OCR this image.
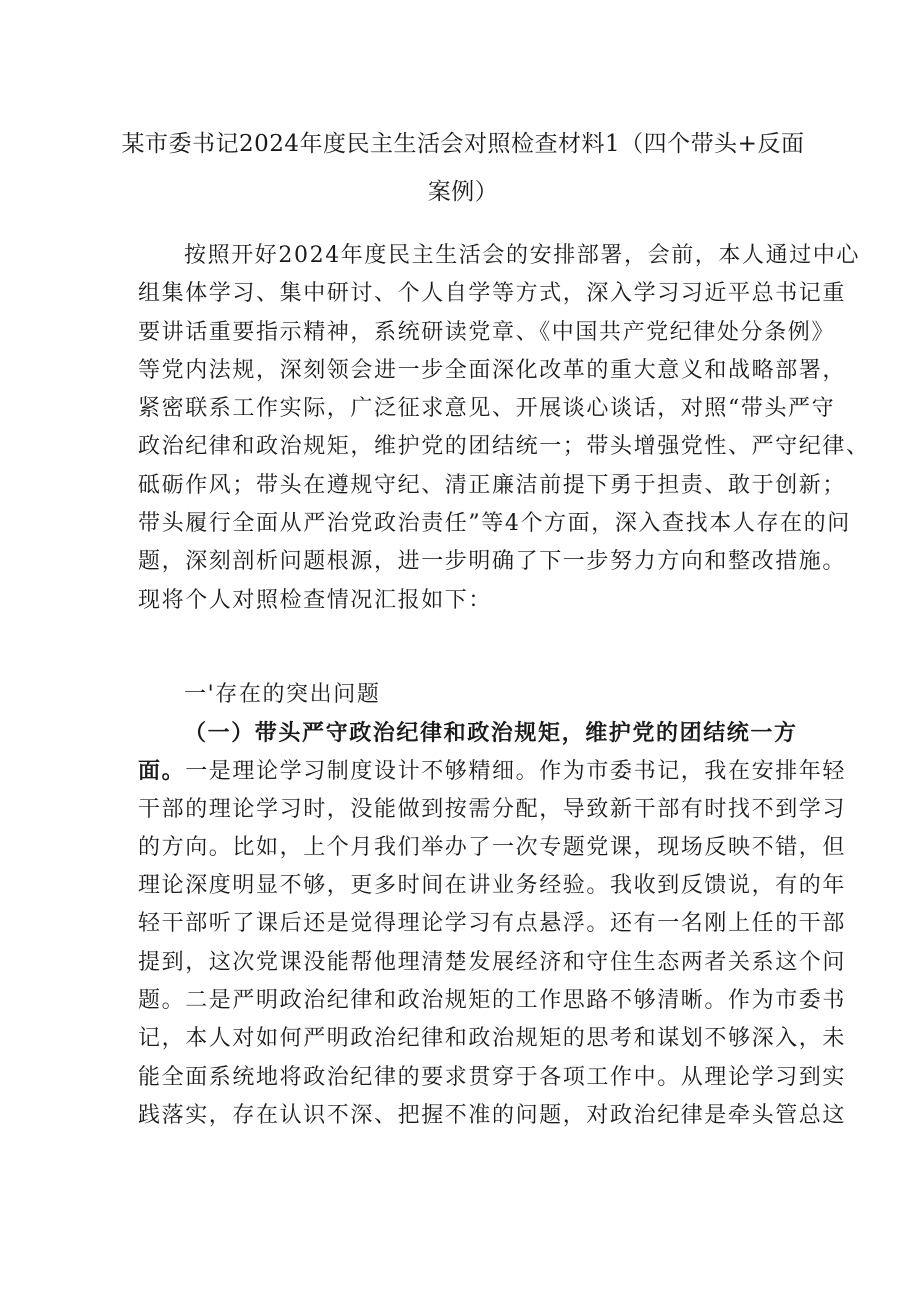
某市委书记2024年度民主生活会对照检查材料1（四个带头+反面
案例）
按照开好2024年度民主生活会的安排部署，会前，本人通过中心
组集体学习、集中研讨、个人自学等方式，深入学习习近平总书记重
要讲话重要指示精神，系统研读党章、《中国共产党纪律处分条例》
等党内法规，深刻领会进一步全面深化改革的重大意义和战略部署，
紧密联系工作实际，广泛征求意见、开展谈心谈话，对照“带头严守
政治纪律和政治规矩，维护党的团结统一；带头增强党性、严守纪律、
砥砺作风；带头在遵规守纪、清正廉洁前提下勇于担责、敢于创新；
带头履行全面从严治党政治责任”等4个方面，深入查找本人存在的问
题，深刻剖析问题根源，进一步明确了下一步努力方向和整改措施。
现将个人对照检查情况汇报如下：
一'存在的突出问题
（一）带头严守政治纪律和政治规矩，维护党的团结统一方
面。一是理论学习制度设计不够精细。作为市委书记，我在安排年轻
干部的理论学习时，没能做到按需分配，导致新干部有时找不到学习
的方向。比如，上个月我们举办了一次专题党课，现场反映不错，但
理论深度明显不够，更多时间在讲业务经验。我收到反馈说，有的年
轻干部听了课后还是觉得理论学习有点悬浮。还有一名刚上任的干部
提到，这次党课没能帮他理清楚发展经济和守住生态两者关系这个问
题。二是严明政治纪律和政治规矩的工作思路不够清晰。作为市委书
记，本人对如何严明政治纪律和政治规矩的思考和谋划不够深入，未
能全面系统地将政治纪律的要求贯穿于各项工作中。从理论学习到实
践落实，存在认识不深、把握不准的问题，对政治纪律是牵头管总这
